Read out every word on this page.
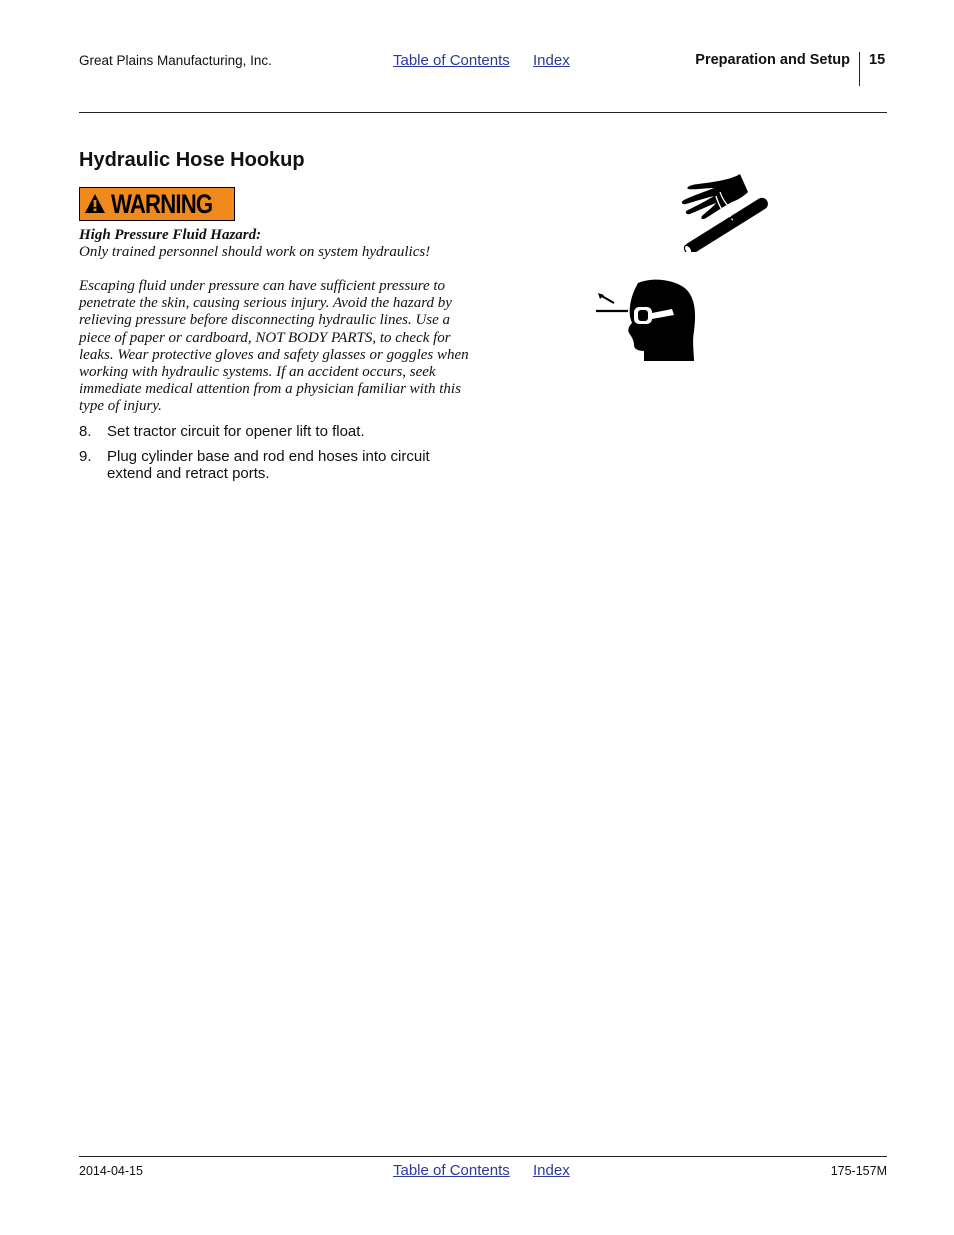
Great Plains Manufacturing, Inc.	Table of Contents Index	Preparation and Setup 15
Hydraulic Hose Hookup
WARNING
High Pressure Fluid Hazard:
Only trained personnel should work on system hydraulics!
Escaping fluid under pressure can have sufficient pressure to penetrate the skin, causing serious injury. Avoid the hazard by relieving pressure before disconnecting hydraulic lines. Use a piece of paper or cardboard, NOT BODY PARTS, to check for leaks. Wear protective gloves and safety glasses or goggles when working with hydraulic systems. If an accident occurs, seek immediate medical attention from a physician familiar with this type of injury.
8. Set tractor circuit for opener lift to float.
9. Plug cylinder base and rod end hoses into circuit extend and retract ports.
2014-04-15	Table of Contents Index	175-157M
